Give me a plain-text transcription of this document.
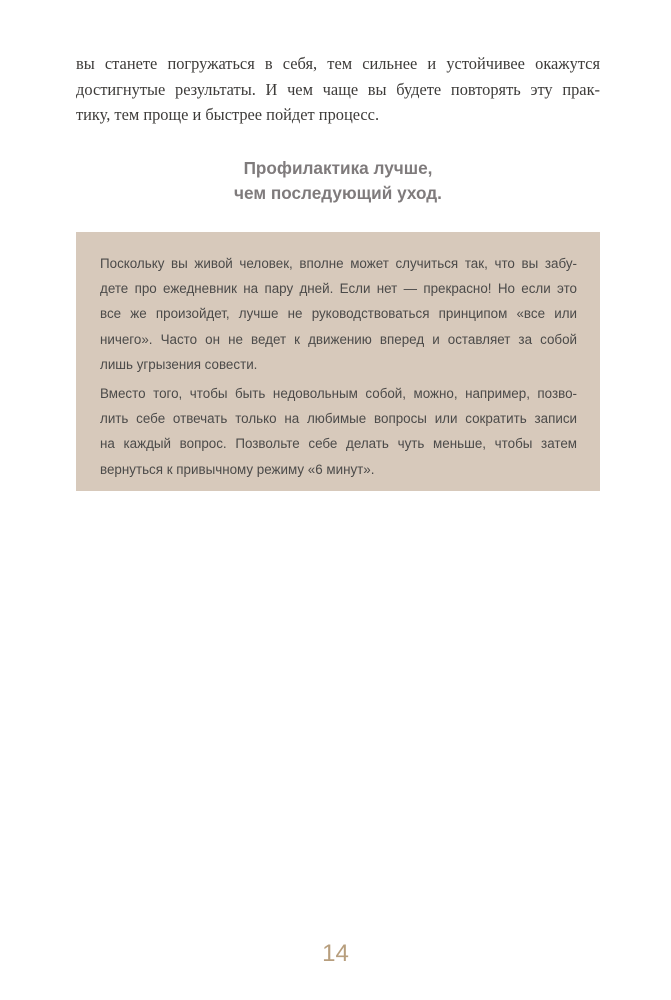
вы станете погружаться в себя, тем сильнее и устойчивее окажутся
достигнутые результаты. И чем чаще вы будете повторять эту прак-
тику, тем проще и быстрее пойдет процесс.
Профилактика лучше,
чем последующий уход.

Поскольку вы живой человек, вполне может случиться так, что вы забу-
дете про ежедневник на пару дней. Если нет — прекрасно! Но если это
все же произойдет, лучше не руководствоваться принципом «все или
ничего». Часто он не ведет к движению вперед и оставляет за собой
лишь угрызения совести.

Вместо того, чтобы быть недовольным собой, можно, например, позво-
лить себе отвечать только на любимые вопросы или сократить записи
на каждый вопрос. Позвольте себе делать чуть меньше, чтобы затем
вернуться к привычному режиму «6 минут».

14
